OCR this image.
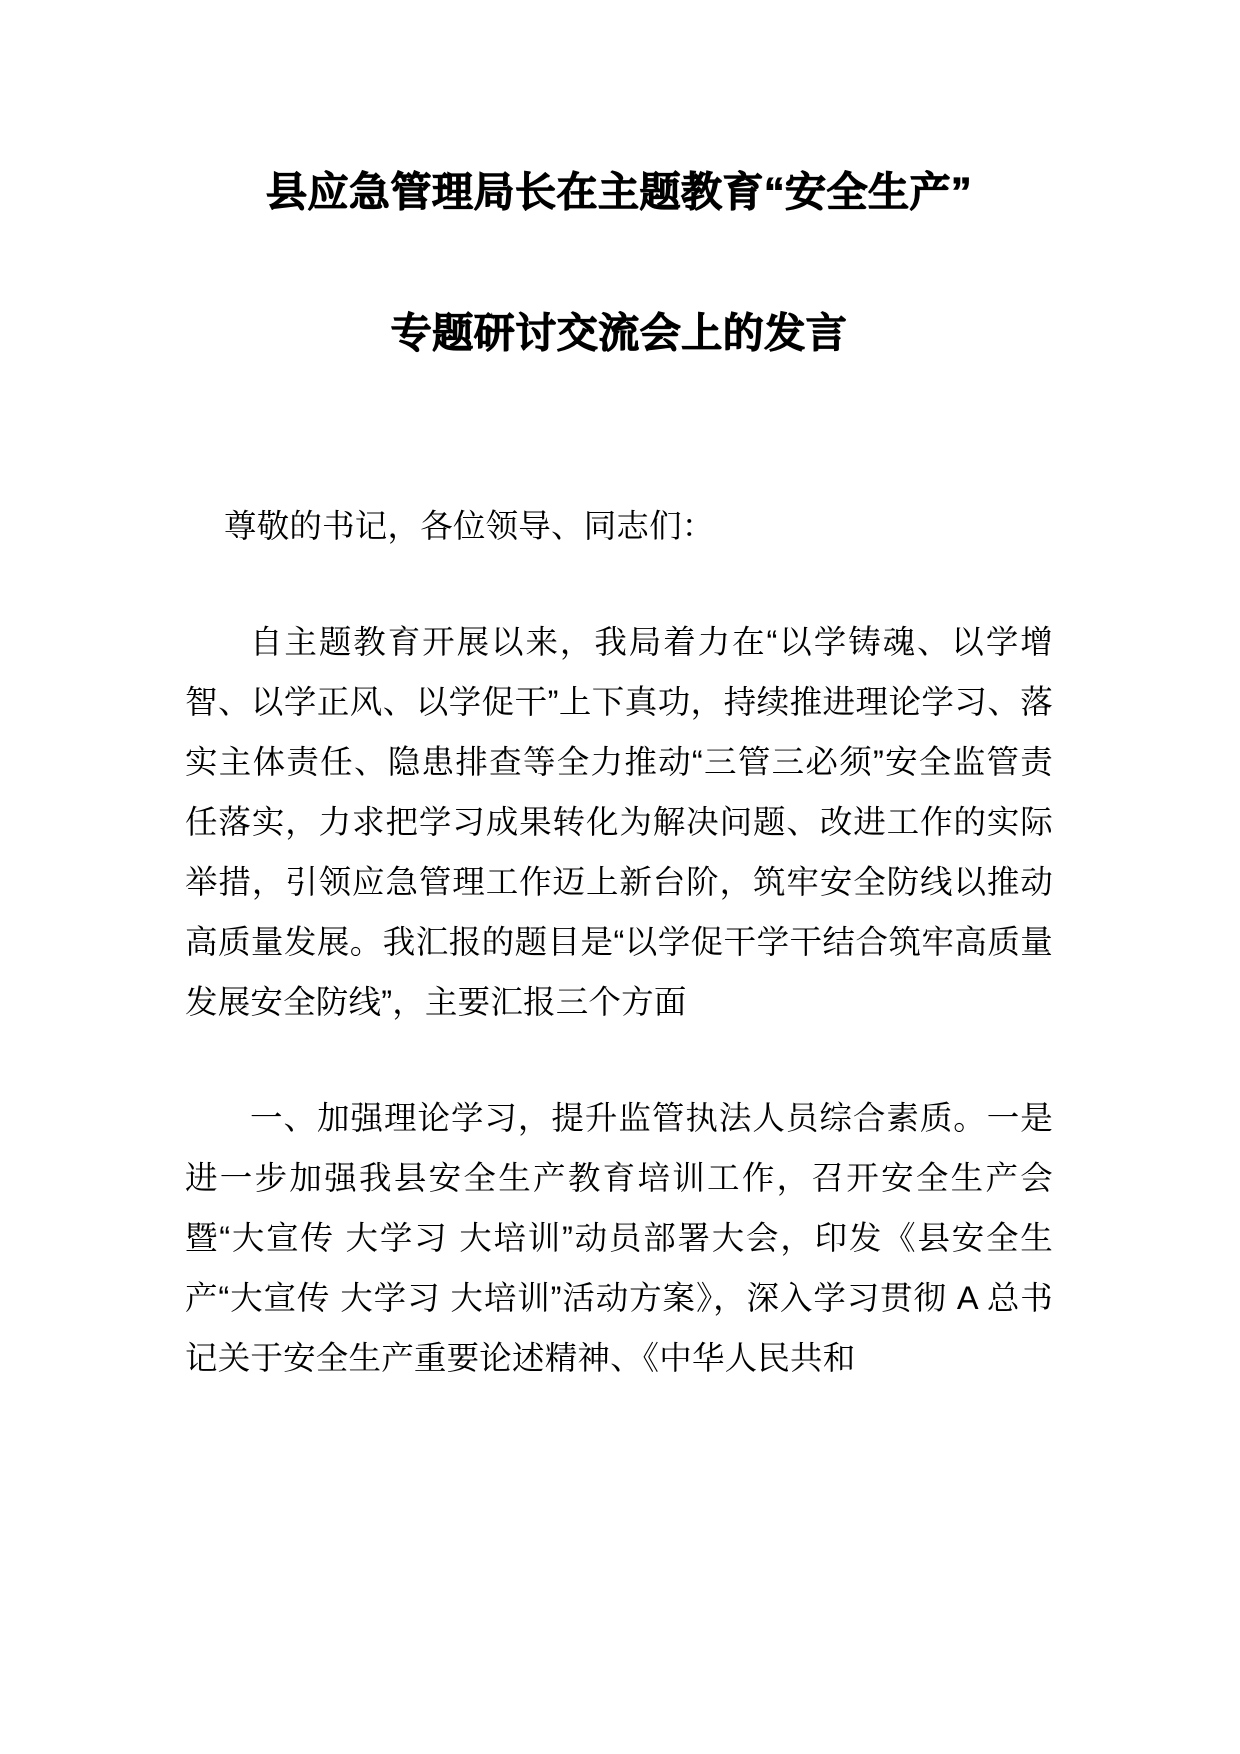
县应急管理局长在主题教育“安全生产”
专题研讨交流会上的发言

尊敬的书记，各位领导、同志们：

自主题教育开展以来，我局着力在“以学铸魂、以学增智、以学正风、以学促干”上下真功，持续推进理论学习、落实主体责任、隐患排查等全力推动“三管三必须”安全监管责任落实，力求把学习成果转化为解决问题、改进工作的实际举措，引领应急管理工作迈上新台阶，筑牢安全防线以推动高质量发展。我汇报的题目是“以学促干学干结合筑牢高质量发展安全防线”，主要汇报三个方面

一、加强理论学习，提升监管执法人员综合素质。一是进一步加强我县安全生产教育培训工作，召开安全生产会暨“大宣传 大学习 大培训”动员部署大会，印发《县安全生产“大宣传 大学习 大培训”活动方案》，深入学习贯彻 A 总书记关于安全生产重要论述精神、《中华人民共和
